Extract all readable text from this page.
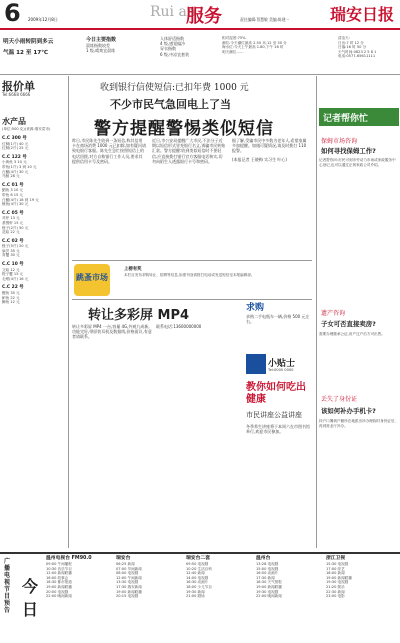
6 2009年12月8日	Rui an
服务	责任编辑:蔡慧敏 美编:陈建一	瑞安日报
明天小雨转阴到多云
气温 12 至 17℃
今日主要指数
晨练指数较差
1 级,晴爽宜晨练
人体舒适指数
4 级,感觉偏冷
穿衣指数
6 级,中凉宜套装
相对湿度:75%
潮位:今天潮位最高 2.50 米,12 至 30 分
海水位:今天上午最高 1.80,下午 16 时
明天潮位……
清洁天:
日出:7 时 12 分
日落:16 时 50 分
天气时间:0823 2 5 8 1
电话:0577-65611111
报价单
Tel:6668 6666
水产品
(单位:500 克)(来源:瑞安菜市)
C.C 300 号
红鲟(1斤) 40 元
红鲟(2斤) 25 元
C.C 122 号
小黄鱼 3 10 元
带鱼(1斤) 3 到 10 元
白鲳(4斤) 30 元
马鲛 28 元
C.C 01 号
鲳鱼 3 10 元
带鱼 6 15 元
白鲳(4斤) 18 到 19 元
鱿鱼(4斤) 30 元
C.C 05 号
对虾 13 元
基围虾 15 元
蛏子(2斤) 50 元
花蛤 22 元
C.C 02 号
蛏子(5斤) 20 元
扇贝 35 元
青蟹 30 元
C.C 10 号
文蛤 12 元
梭子蟹 15 元
毛蚶(4斤) 16 元
C.C 22 号
鳗鱼 35 元
鲈鱼 22 元
鲫鱼 12 元
收到银行信使短信:已扣年费 1000 元
不少市民气急回电上了当
警方提醒警惕类似短信
昨日,市民陈先生收到一条短信,称其信用卡在商场消费 1000 元已扣除,如有疑问请致电银行客服。陈先生急忙按照短信上的电话回拨,对方自称银行工作人员,要求其提供信用卡号及密码。
近日,市公安局提醒广大市民,不法分子近期以短信形式冒充银行名义,诱骗市民转账汇款。警方提醒:收到类似短信时不要轻信,应直接拨打银行官方客服电话核实,切勿向陌生人透露银行卡号和密码。
据了解,受骗市民中多数为老年人,希望家属多加提醒。如遇可疑情况,请及时拨打 110 报警。
(本报记者 王晓梅 实习生 叶心)
跳蚤市场
上榜有奖
本栏目发布求购转让、招聘等信息,如需刊登请拨打电话或发送短信至本报编辑部。
转让多彩屏 MP4
转让多彩屏 MP4 一台,容量 4G,外观九成新,功能完好,带原装耳机及数据线,价格面议,有意者请联系。
联系电话:13600000000
求购
求购二手电瓶车一辆,价格 500 元左右。
小贴士
Tel:0000 0000
教你如何吃出健康
市民讲座公益讲座
冬季养生讲座将于本周六在市图书馆举行,欢迎市民参加。
记者帮你忙
保姆市场咨询
如何寻找保姆工作?
记者帮你问:市民可到市劳动力市场或家政服务中心登记,也可以通过正规家政公司介绍。
遗产咨询
子女可否直接卖房?
需要办理继承公证,房产过户后方可出售。
丢失了身份证
该如何补办手机卡?
持户口簿到户籍所在地派出所办理临时身份证后,再到营业厅补办。
广播电视节目预告
今
日
温州电视台 FM90.0
09:00 午间播报
10:30 音乐节目
12:00 新闻联播
16:00 故事会
18:30 都市报道
19:00 新闻联播
20:00 电视剧
22:00 晚间新闻
瑞安台
06:25 新闻
07:00 早间新闻
08:00 电视剧
12:00 午间新闻
13:30 电视剧
17:30 瑞安新闻
19:00 新闻联播
20:15 电视剧
瑞安台二套
09:50 电视剧
10:20 生活百科
12:40 新闻
14:00 电视剧
16:30 动画片
18:00 少儿节目
19:30 新闻
21:00 剧场
温州台
13:28 电视剧
15:00 电视剧
16:50 动画片
17:30 新闻
18:30 天气预报
19:00 新闻联播
19:30 电视剧
22:00 晚间新闻
浙江卫视
15:30 电视剧
17:00 综艺
18:00 新闻
19:00 新闻联播
19:30 电视剧
21:20 娱乐
22:30 新闻
23:00 电影
